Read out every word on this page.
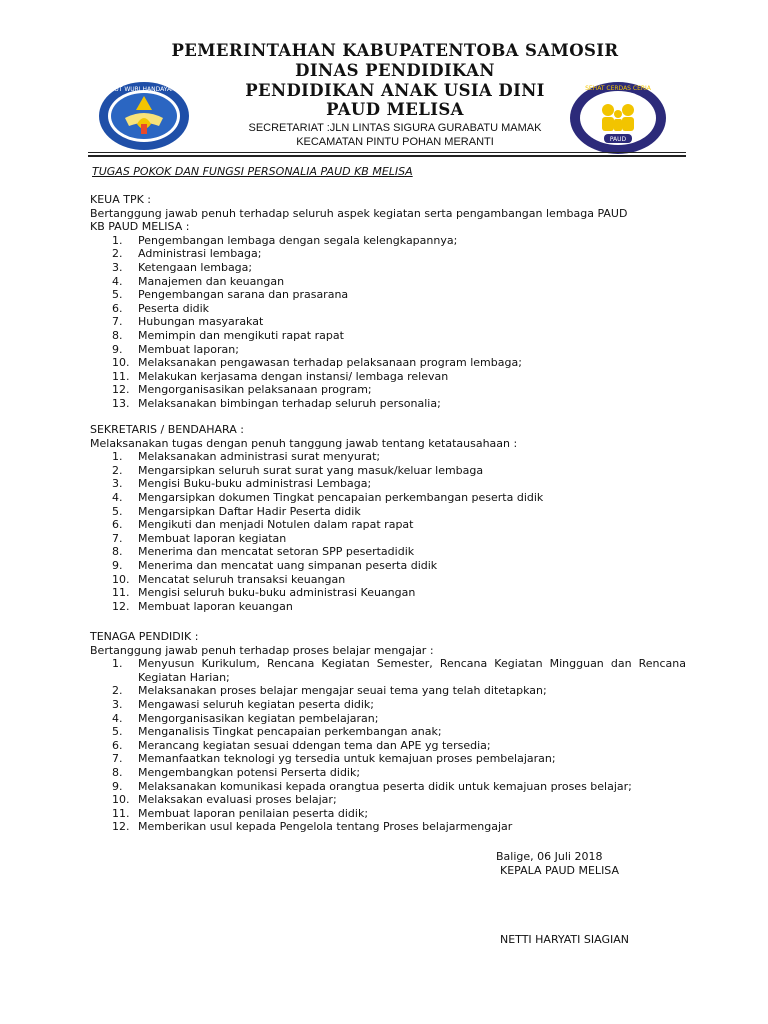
TUT WURI HANDAYANI
PAUD
SEHAT CERDAS CERIA
PEMERINTAHAN KABUPATENTOBA SAMOSIR
DINAS PENDIDIKAN
PENDIDIKAN ANAK USIA DINI
PAUD MELISA
SECRETARIAT :JLN LINTAS SIGURA GURABATU MAMAK
KECAMATAN PINTU POHAN MERANTI
TUGAS POKOK DAN FUNGSI PERSONALIA PAUD KB MELISA
KEUA TPK :
Bertanggung jawab penuh terhadap seluruh aspek kegiatan serta pengambangan lembaga PAUD
KB PAUD MELISA :
1.	Pengembangan lembaga dengan segala kelengkapannya;
2.	Administrasi lembaga;
3.	Ketengaan lembaga;
4.	Manajemen dan keuangan
5.	Pengembangan sarana dan prasarana
6.	Peserta didik
7.	Hubungan masyarakat
8.	Memimpin dan mengikuti rapat rapat
9.	Membuat laporan;
10. Melaksanakan pengawasan terhadap pelaksanaan program lembaga;
11. Melakukan kerjasama dengan instansi/ lembaga relevan
12. Mengorganisasikan pelaksanaan program;
13. Melaksanakan bimbingan terhadap seluruh personalia;
SEKRETARIS / BENDAHARA :
Melaksanakan tugas dengan penuh tanggung jawab tentang ketatausahaan :
1.	Melaksanakan administrasi surat menyurat;
2.	Mengarsipkan seluruh surat surat yang masuk/keluar lembaga
3.	Mengisi Buku-buku administrasi Lembaga;
4.	Mengarsipkan dokumen Tingkat pencapaian perkembangan peserta didik
5.	Mengarsipkan Daftar Hadir Peserta didik
6.	Mengikuti dan menjadi Notulen dalam rapat rapat
7.	Membuat laporan kegiatan
8.	Menerima dan mencatat setoran SPP pesertadidik
9.	Menerima dan mencatat uang simpanan peserta didik
10. Mencatat seluruh transaksi keuangan
11. Mengisi seluruh buku-buku administrasi Keuangan
12. Membuat laporan keuangan
TENAGA PENDIDIK :
Bertanggung jawab penuh terhadap proses belajar mengajar :
1.	Menyusun Kurikulum, Rencana Kegiatan Semester, Rencana Kegiatan Mingguan dan Rencana Kegiatan Harian;
2.	Melaksanakan proses belajar mengajar seuai tema yang telah ditetapkan;
3.	Mengawasi seluruh kegiatan peserta didik;
4.	Mengorganisasikan kegiatan pembelajaran;
5.	Menganalisis Tingkat pencapaian perkembangan anak;
6.	Merancang kegiatan sesuai ddengan tema dan APE yg tersedia;
7.	Memanfaatkan teknologi yg tersedia untuk kemajuan proses pembelajaran;
8.	Mengembangkan potensi Perserta didik;
9.	Melaksanakan komunikasi kepada orangtua peserta didik untuk kemajuan proses belajar;
10. Melaksakan evaluasi proses belajar;
11. Membuat laporan penilaian peserta didik;
12. Memberikan usul kepada Pengelola tentang Proses belajarmengajar
Balige, 06 Juli 2018
KEPALA PAUD MELISA
NETTI HARYATI SIAGIAN
